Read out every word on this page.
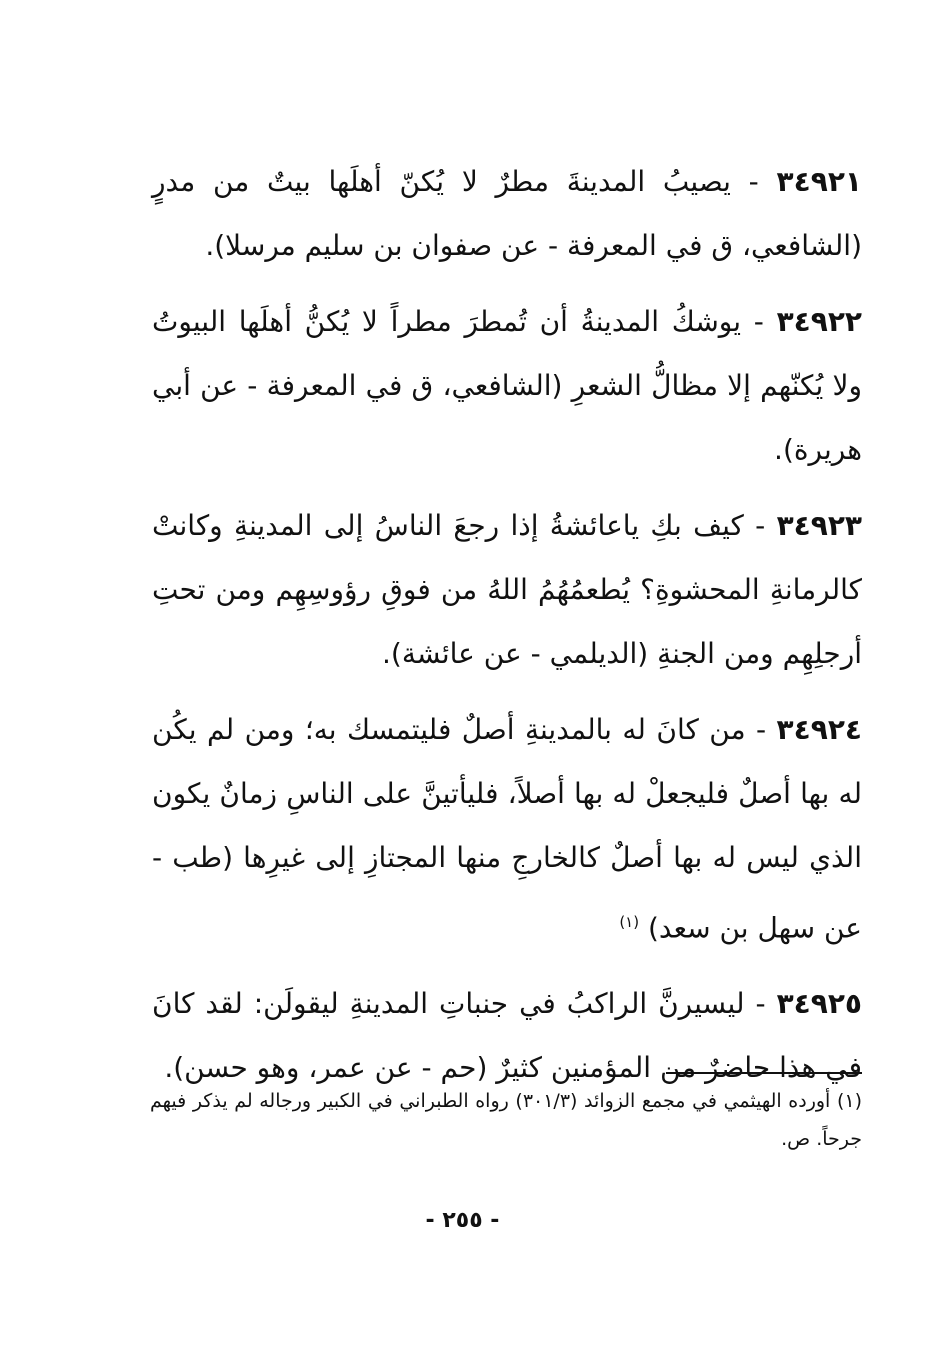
٣٤٩٢١ - يصيبُ المدينةَ مطرٌ لا يُكنّ أهلَها بيتٌ من مدرٍ (الشافعي، ق في المعرفة - عن صفوان بن سليم مرسلا).

٣٤٩٢٢ - يوشكُ المدينةُ أن تُمطرَ مطراً لا يُكنُّ أهلَها البيوتُ ولا يُكنّهم إلا مظالُّ الشعرِ (الشافعي، ق في المعرفة - عن أبي هريرة).

٣٤٩٢٣ - كيف بكِ ياعائشةُ إذا رجعَ الناسُ إلى المدينةِ وكانتْ كالرمانةِ المحشوةِ؟ يُطعمُهُمُ اللهُ من فوقِ رؤوسِهِم ومن تحتِ أرجلِهِم ومن الجنةِ (الديلمي - عن عائشة).

٣٤٩٢٤ - من كانَ له بالمدينةِ أصلٌ فليتمسك به؛ ومن لم يكُن له بها أصلٌ فليجعلْ له بها أصلاً، فليأتينَّ على الناسِ زمانٌ يكون الذي ليس له بها أصلٌ كالخارجِ منها المجتازِ إلى غيرِها (طب - عن سهل بن سعد) $^{(١)}$

٣٤٩٢٥ - ليسيرنَّ الراكبُ في جنباتِ المدينةِ ليقولَن: لقد كانَ في هذا حاضرٌ من المؤمنين كثيرٌ (حم - عن عمر، وهو حسن).

(١) أورده الهيثمي في مجمع الزوائد (٣٠١/٣) رواه الطبراني في الكبير ورجاله لم يذكر فيهم جرحاً. ص.
- ٢٥٥ -
